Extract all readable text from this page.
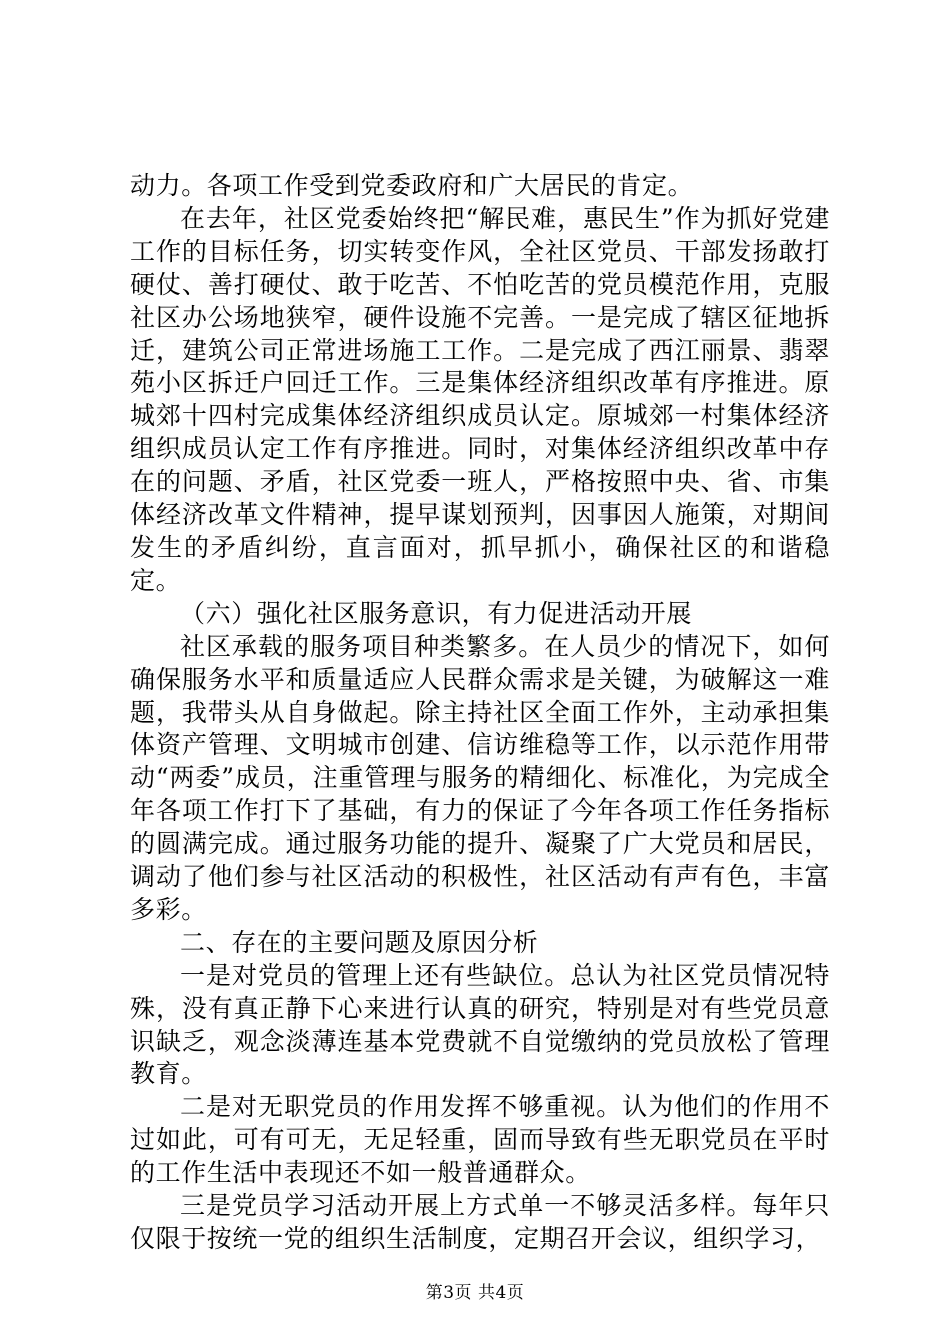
动力。各项工作受到党委政府和广大居民的肯定。

在去年，社区党委始终把“解民难，惠民生”作为抓好党建工作的目标任务，切实转变作风，全社区党员、干部发扬敢打硬仗、善打硬仗、敢于吃苦、不怕吃苦的党员模范作用，克服社区办公场地狭窄，硬件设施不完善。一是完成了辖区征地拆迁，建筑公司正常进场施工工作。二是完成了西江丽景、翡翠苑小区拆迁户回迁工作。三是集体经济组织改革有序推进。原城郊十四村完成集体经济组织成员认定。原城郊一村集体经济组织成员认定工作有序推进。同时，对集体经济组织改革中存在的问题、矛盾，社区党委一班人，严格按照中央、省、市集体经济改革文件精神，提早谋划预判，因事因人施策，对期间发生的矛盾纠纷，直言面对，抓早抓小，确保社区的和谐稳定。

（六）强化社区服务意识，有力促进活动开展

社区承载的服务项目种类繁多。在人员少的情况下，如何确保服务水平和质量适应人民群众需求是关键，为破解这一难题，我带头从自身做起。除主持社区全面工作外，主动承担集体资产管理、文明城市创建、信访维稳等工作，以示范作用带动“两委”成员，注重管理与服务的精细化、标准化，为完成全年各项工作打下了基础，有力的保证了今年各项工作任务指标的圆满完成。通过服务功能的提升、凝聚了广大党员和居民，调动了他们参与社区活动的积极性，社区活动有声有色，丰富多彩。

二、存在的主要问题及原因分析

一是对党员的管理上还有些缺位。总认为社区党员情况特殊，没有真正静下心来进行认真的研究，特别是对有些党员意识缺乏，观念淡薄连基本党费就不自觉缴纳的党员放松了管理教育。

二是对无职党员的作用发挥不够重视。认为他们的作用不过如此，可有可无，无足轻重，固而导致有些无职党员在平时的工作生活中表现还不如一般普通群众。

三是党员学习活动开展上方式单一不够灵活多样。每年只仅限于按统一党的组织生活制度，定期召开会议，组织学习，

第3页 共4页
